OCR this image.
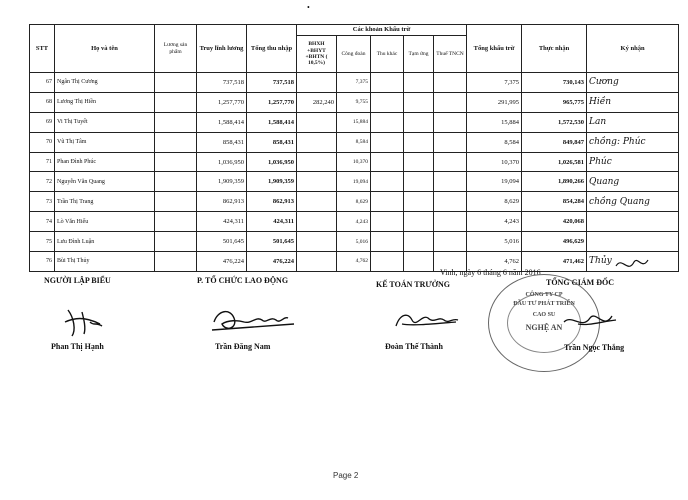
•
STT	Họ và tên	Lương sản phẩm	Truy lĩnh lương	Tổng thu nhập	Các khoản Khấu trừ					Tổng khấu trừ	Thực nhận	Ký nhận
					BHXH +BHYT +BHTN ( 10,5%)	Công đoàn	Thu khác	Tạm ứng	Thuế TNCN			
67	Ngân Thị Cương		737,518	737,518		7,375				7,375	730,143	Cương
68	Lương Thị Hiền		1,257,770	1,257,770	282,240	9,755				291,995	965,775	Hiền
69	Vi Thị Tuyết		1,588,414	1,588,414		15,884				15,884	1,572,530	Lan
70	Vũ Thị Tâm		858,431	858,431		8,584				8,584	849,847	chồng: Phúc
71	Phan Đình Phúc		1,036,950	1,036,950		10,370				10,370	1,026,581	Phúc
72	Nguyễn Văn Quang		1,909,359	1,909,359		19,094				19,094	1,890,266	Quang
73	Trần Thị Trang		862,913	862,913		8,629				8,629	854,284	chồng Quang
74	Lò Văn Hiếu		424,311	424,311		4,243				4,243	420,068	
75	Lưu Đình Luận		501,645	501,645		5,016				5,016	496,629	
76	Bùi Thị Thủy		476,224	476,224		4,762				4,762	471,462	Thủy
Vinh, ngày 6 tháng 6 năm 2016
NGƯỜI LẬP BIỂU	P. TỔ CHỨC LAO ĐỘNG	KẾ TOÁN TRƯỞNG	TỔNG GIÁM ĐỐC
CÔNG TY CP
ĐẦU TƯ PHÁT TRIỂN
CAO SU
NGHỆ AN
Phan Thị Hạnh	Trần Đăng Nam	Đoàn Thế Thành	Trần Ngọc Thắng
Page 2
